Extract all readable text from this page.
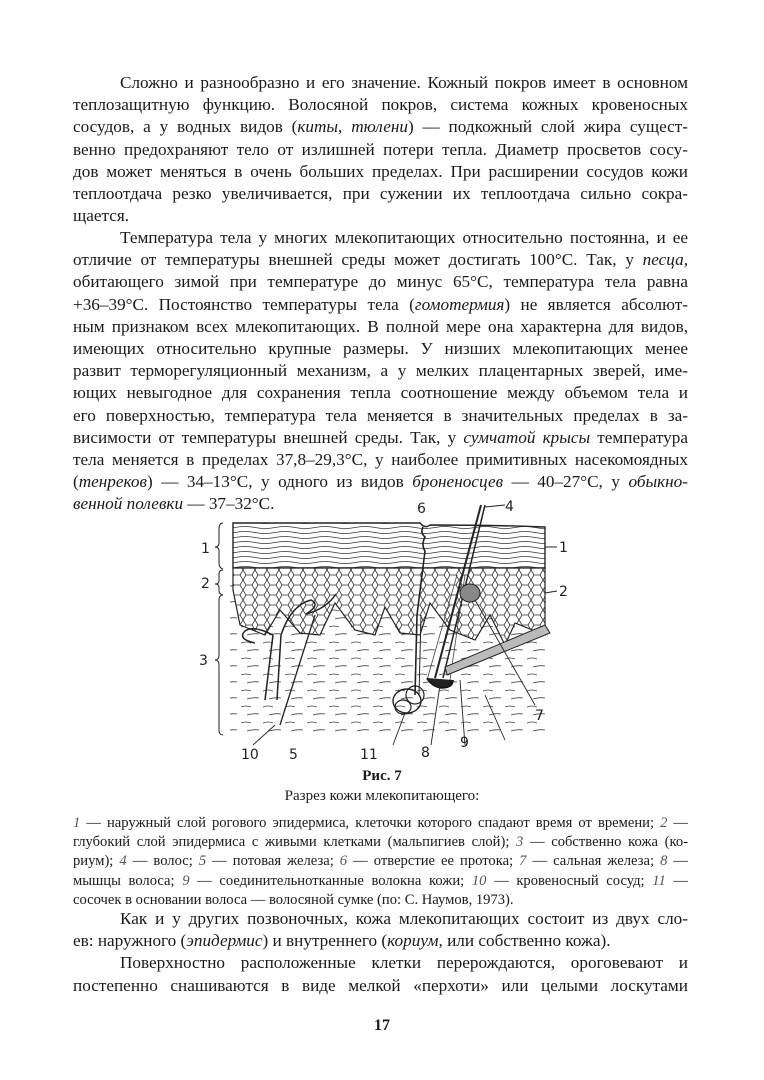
Сложно и разнообразно и его значение. Кожный покров имеет в основном
теплозащитную функцию. Волосяной покров, система кожных кровеносных
сосудов, а у водных видов (киты, тюлени) — подкожный слой жира сущест-
венно предохраняют тело от излишней потери тепла. Диаметр просветов сосу-
дов может меняться в очень больших пределах. При расширении сосудов кожи
теплоотдача резко увеличивается, при сужении их теплоотдача сильно сокра-
щается.
Температура тела у многих млекопитающих относительно постоянна, и ее
отличие от температуры внешней среды может достигать 100°С. Так, у песца,
обитающего зимой при температуре до минус 65°С, температура тела равна
+36–39°С. Постоянство температуры тела (гомотермия) не является абсолют-
ным признаком всех млекопитающих. В полной мере она характерна для видов,
имеющих относительно крупные размеры. У низших млекопитающих менее
развит терморегуляционный механизм, а у мелких плацентарных зверей, име-
ющих невыгодное для сохранения тепла соотношение между объемом тела и
его поверхностью, температура тела меняется в значительных пределах в за-
висимости от температуры внешней среды. Так, у сумчатой крысы температура
тела меняется в пределах 37,8–29,3°С, у наиболее примитивных насекомоядных
(тенреков) — 34–13°С, у одного из видов броненосцев — 40–27°С, у обыкно-
венной полевки — 37–32°С.
1
2
3
6	4
1
2
7
10 5	11	8
9
Рис. 7
Разрез кожи млекопитающего:
1 — наружный слой рогового эпидермиса, клеточки которого спадают время от времени; 2 —
глубокий слой эпидермиса с живыми клетками (мальпигиев слой); 3 — собственно кожа (ко-
риум); 4 — волос; 5 — потовая железа; 6 — отверстие ее протока; 7 — сальная железа; 8 —
мышцы волоса; 9 — соединительнотканные волокна кожи; 10 — кровеносный сосуд; 11 —
сосочек в основании волоса — волосяной сумке (по: С. Наумов, 1973).
Как и у других позвоночных, кожа млекопитающих состоит из двух сло-
ев: наружного (эпидермис) и внутреннего (кориум, или собственно кожа).
Поверхностно расположенные клетки перерождаются, ороговевают и
постепенно снашиваются в виде мелкой «перхоти» или целыми лоскутами
17
